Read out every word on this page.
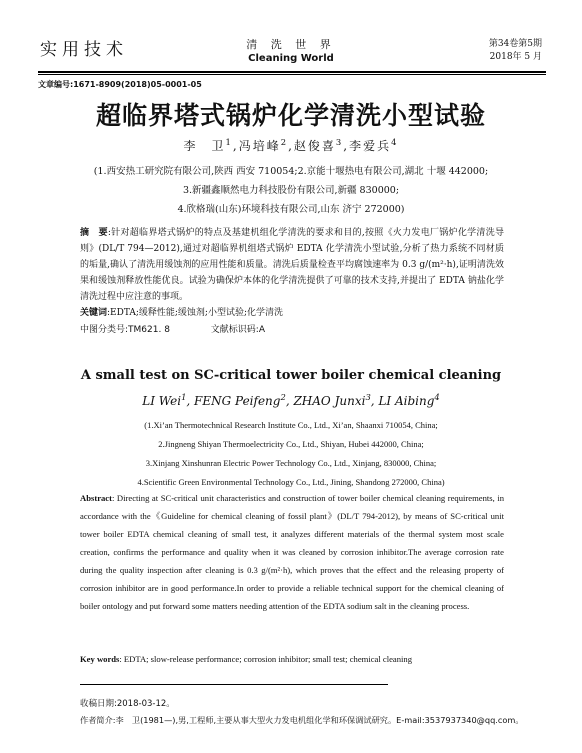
实用技术	清 洗 世 界
Cleaning World
第34卷第5期
2018年 5 月
文章编号:1671-8909(2018)05-0001-05
超临界塔式锅炉化学清洗小型试验
李　卫$^1$,冯培峰$^2$,赵俊喜$^3$,李爱兵$^4$
(1.西安热工研究院有限公司,陕西 西安 710054;2.京能十堰热电有限公司,湖北 十堰 442000;
3.新疆鑫顺然电力科技股份有限公司,新疆 830000;
4.欣格瑞(山东)环境科技有限公司,山东 济宁 272000)
摘　要:针对超临界塔式锅炉的特点及基建机组化学清洗的要求和目的,按照《火力发电厂锅炉化学清洗导则》(DL/T 794—2012),通过对超临界机组塔式锅炉 EDTA 化学清洗小型试验,分析了热力系统不同材质的垢量,确认了清洗用缓蚀剂的应用性能和质量。清洗后质量检查平均腐蚀速率为 0.3 g/(m²·h),证明清洗效果和缓蚀剂释放性能优良。试验为确保炉本体的化学清洗提供了可靠的技术支持,并提出了 EDTA 钠盐化学清洗过程中应注意的事项。
关键词:EDTA;缓释性能;缓蚀剂;小型试验;化学清洗
中图分类号:TM621. 8	文献标识码:A
A small test on SC-critical tower boiler chemical cleaning
LI Wei$^1$, FENG Peifeng$^2$, ZHAO Junxi$^3$, LI Aibing$^4$
(1.Xi’an Thermotechnical Research Institute Co., Ltd., Xi’an, Shaanxi 710054, China;
2.Jingneng Shiyan Thermoelectricity Co., Ltd., Shiyan, Hubei 442000, China;
3.Xinjang Xinshunran Electric Power Technology Co., Ltd., Xinjang, 830000, China;
4.Scientific Green Environmental Technology Co., Ltd., Jining, Shandong 272000, China)
Abstract: Directing at SC-critical unit characteristics and construction of tower boiler chemical cleaning requirements, in accordance with the《Guideline for chemical cleaning of fossil plant》(DL/T 794-2012), by means of SC-critical unit tower boiler EDTA chemical cleaning of small test, it analyzes different materials of the thermal system most scale creation, confirms the performance and quality when it was cleaned by corrosion inhibitor.The average corrosion rate during the quality inspection after cleaning is 0.3 g/(m²·h), which proves that the effect and the releasing property of corrosion inhibitor are in good performance.In order to provide a reliable technical support for the chemical cleaning of boiler ontology and put forward some matters needing attention of the EDTA sodium salt in the cleaning process.
Key words: EDTA; slow-release performance; corrosion inhibitor; small test; chemical cleaning
收稿日期:2018-03-12。
作者简介:李　卫(1981—),男,工程师,主要从事大型火力发电机组化学和环保调试研究。E-mail:3537937340@qq.com。
